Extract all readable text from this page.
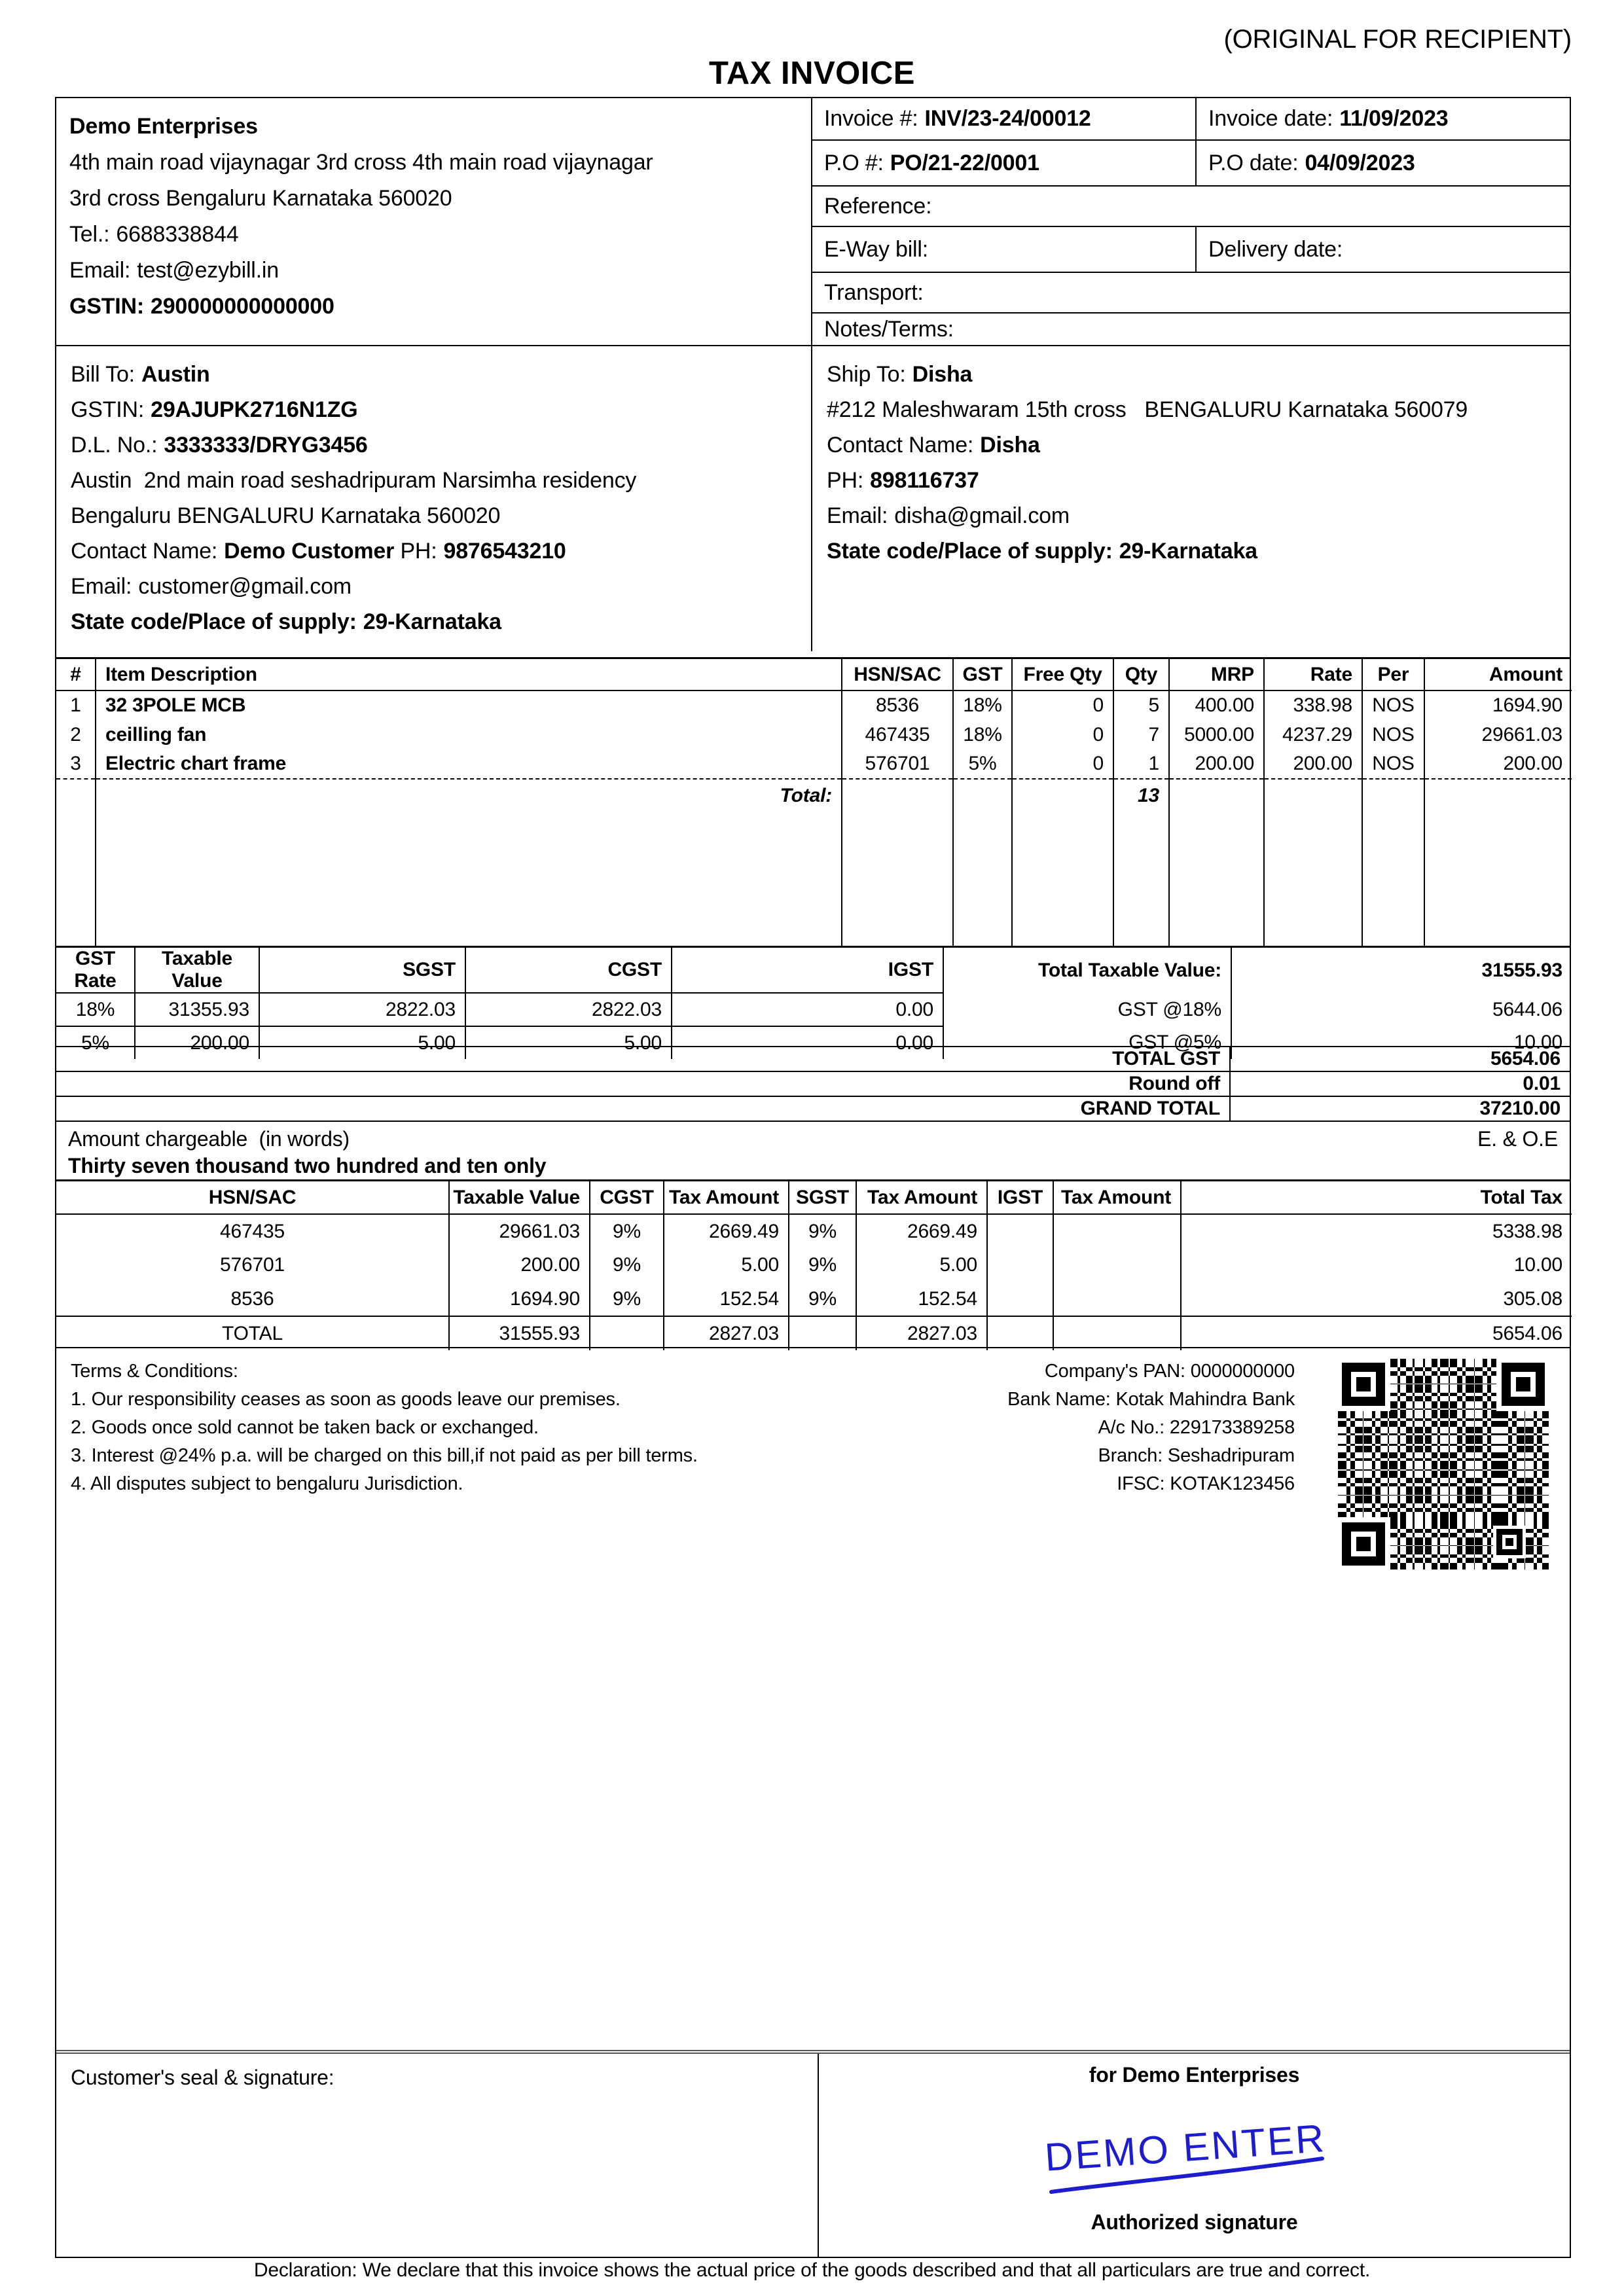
(ORIGINAL FOR RECIPIENT)
TAX INVOICE
Demo Enterprises
4th main road vijaynagar 3rd cross 4th main road vijaynagar
3rd cross Bengaluru Karnataka 560020
Tel.: 6688338844
Email: test@ezybill.in
GSTIN: 290000000000000
Invoice #: INV/23-24/00012	Invoice date: 11/09/2023
P.O #: PO/21-22/0001	P.O date: 04/09/2023
Reference:
E-Way bill:	Delivery date:
Transport:
Notes/Terms:
Bill To: Austin
GSTIN: 29AJUPK2716N1ZG
D.L. No.: 3333333/DRYG3456
Austin  2nd main road seshadripuram Narsimha residency
Bengaluru BENGALURU Karnataka 560020
Contact Name: Demo Customer PH: 9876543210
Email: customer@gmail.com
State code/Place of supply: 29-Karnataka
Ship To: Disha
#212 Maleshwaram 15th cross   BENGALURU Karnataka 560079
Contact Name: Disha
PH: 898116737
Email: disha@gmail.com
State code/Place of supply: 29-Karnataka
#	Item Description	HSN/SAC	GST	Free Qty	Qty	MRP	Rate	Per	Amount
1	32 3POLE MCB	8536	18%	0	5	400.00	338.98	NOS	1694.90
2	ceilling fan	467435	18%	0	7	5000.00	4237.29	NOS	29661.03
3	Electric chart frame	576701	5%	0	1	200.00	200.00	NOS	200.00
	Total:				13				

GST Rate	Taxable Value	SGST	CGST	IGST	Total Taxable Value:	31555.93
18%	31355.93	2822.03	2822.03	0.00	GST @18%	5644.06
5%	200.00	5.00	5.00	0.00	GST @5%	10.00
TOTAL GST	5654.06
Round off	0.01
GRAND TOTAL	37210.00
Amount chargeable  (in words)	E. & O.E
Thirty seven thousand two hundred and ten only
HSN/SAC	Taxable Value	CGST	Tax Amount	SGST	Tax Amount	IGST	Tax Amount	Total Tax
467435	29661.03	9%	2669.49	9%	2669.49			5338.98
576701	200.00	9%	5.00	9%	5.00			10.00
8536	1694.90	9%	152.54	9%	152.54			305.08
TOTAL	31555.93		2827.03		2827.03			5654.06
Terms & Conditions:
1. Our responsibility ceases as soon as goods leave our premises.
2. Goods once sold cannot be taken back or exchanged.
3. Interest @24% p.a. will be charged on this bill,if not paid as per bill terms.
4. All disputes subject to bengaluru Jurisdiction.
Company's PAN: 0000000000
Bank Name: Kotak Mahindra Bank
A/c No.: 229173389258
Branch: Seshadripuram
IFSC: KOTAK123456
Customer's seal & signature:	for Demo Enterprises
DEMO ENTER
Authorized signature
Declaration: We declare that this invoice shows the actual price of the goods described and that all particulars are true and correct.
